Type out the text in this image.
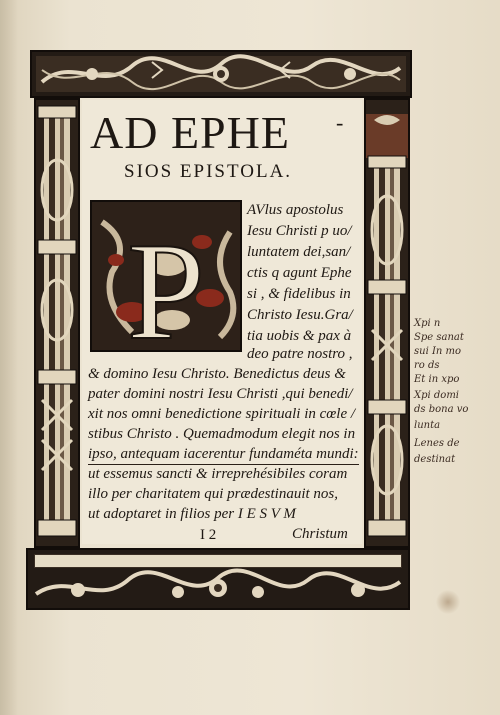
AD EPHE -
SIOS EPISTOLA.
P
AVlus apostolus
Iesu Christi p uo/
luntatem dei,san/
ctis q agunt Ephe
si , & fidelibus in
Christo Iesu.Gra/
tia uobis & pax à
deo patre nostro ,
& domino Iesu Christo. Benedictus deus &
pater domini nostri Iesu Christi ,qui benedi/
xit nos omni benedictione spirituali in cœle /
stibus Christo . Quemadmodum elegit nos in
ipso, antequam iacerentur fundaméta mundi:
ut essemus sancti & irreprehésibiles coram
illo per charitatem qui prædestinauit nos,
ut adoptaret in filios per I E S V M
I 2	Christum
Xpi n
Spe sanat
sui In mo
ro ds
Et in xpo
Xpi domi
ds bona vo
lunta
Lenes de
destinat
